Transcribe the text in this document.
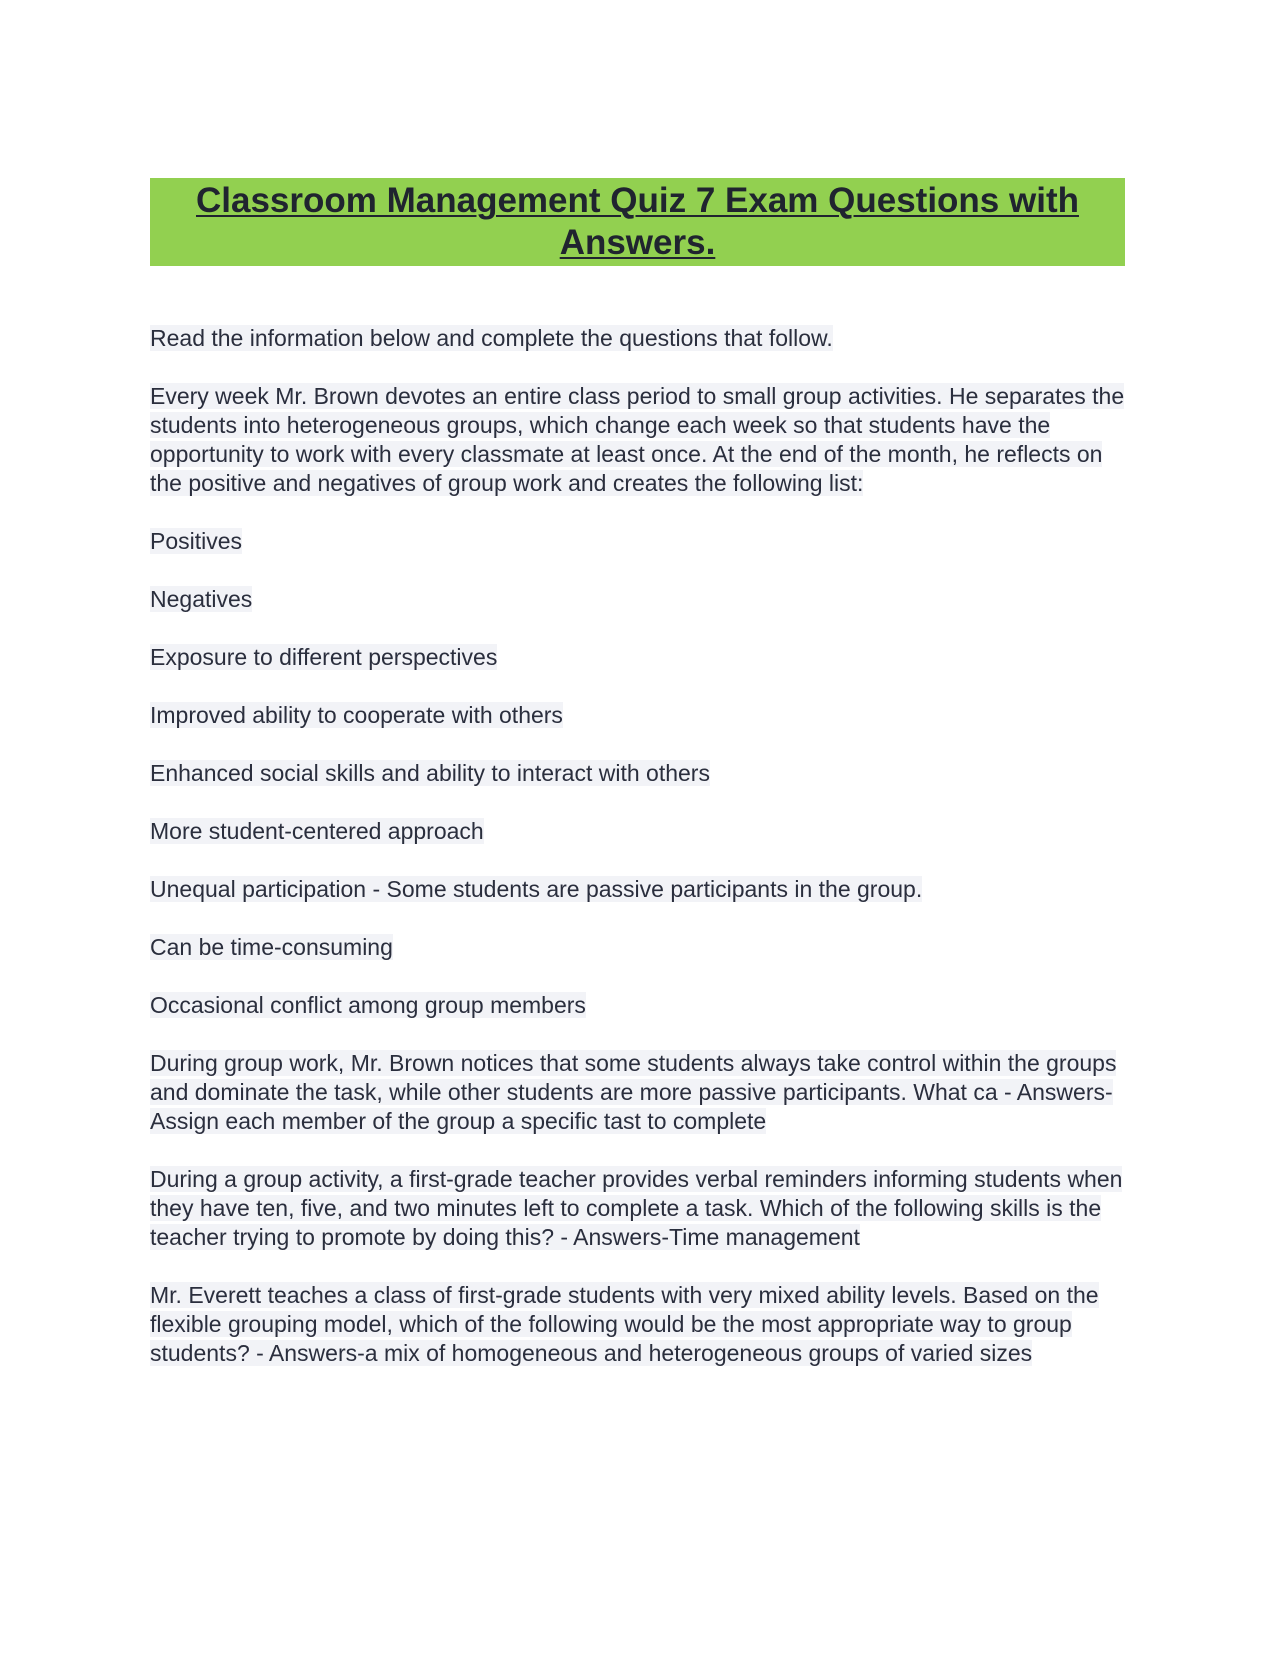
Classroom Management Quiz 7 Exam Questions with Answers.

Read the information below and complete the questions that follow.

Every week Mr. Brown devotes an entire class period to small group activities. He separates the students into heterogeneous groups, which change each week so that students have the opportunity to work with every classmate at least once. At the end of the month, he reflects on the positive and negatives of group work and creates the following list:

Positives

Negatives

Exposure to different perspectives

Improved ability to cooperate with others

Enhanced social skills and ability to interact with others

More student-centered approach

Unequal participation - Some students are passive participants in the group.

Can be time-consuming

Occasional conflict among group members

During group work, Mr. Brown notices that some students always take control within the groups and dominate the task, while other students are more passive participants. What ca - Answers-Assign each member of the group a specific tast to complete

During a group activity, a first-grade teacher provides verbal reminders informing students when they have ten, five, and two minutes left to complete a task. Which of the following skills is the teacher trying to promote by doing this? - Answers-Time management

Mr. Everett teaches a class of first-grade students with very mixed ability levels. Based on the flexible grouping model, which of the following would be the most appropriate way to group students? - Answers-a mix of homogeneous and heterogeneous groups of varied sizes
